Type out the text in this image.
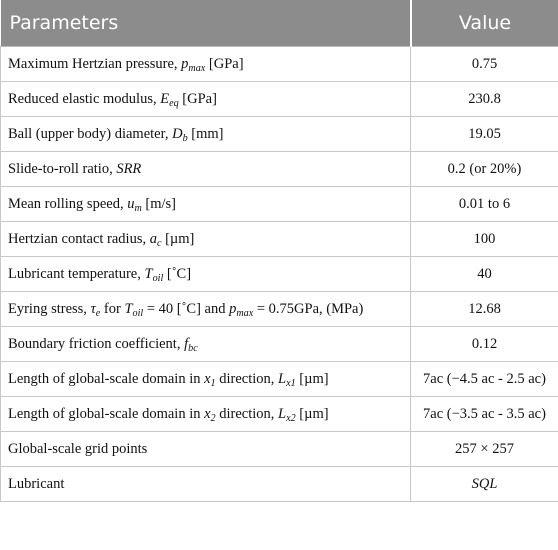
Parameters	Value
Maximum Hertzian pressure, $p_{max}$ [GPa]	0.75
Reduced elastic modulus, $E_{eq}$ [GPa]	230.8
Ball (upper body) diameter, $D_b$ [mm]	19.05
Slide-to-roll ratio, SRR	0.2 (or 20%)
Mean rolling speed, $u_m$ [m/s]	0.01 to 6
Hertzian contact radius, $a_c$ [µm]	100
Lubricant temperature, $T_{oil}$ [˚C]	40
Eyring stress, $\tau_e$ for $T_{oil} = 40$ [˚C] and $p_{max} = 0.75GPa$, (MPa)	12.68
Boundary friction coefficient, $f_{bc}$	0.12
Length of global-scale domain in $x_1$ direction, $L_{x1}$ [µm]	7ac (−4.5 ac - 2.5 ac)
Length of global-scale domain in $x_2$ direction, $L_{x2}$ [µm]	7ac (−3.5 ac - 3.5 ac)
Global-scale grid points	257 × 257
Lubricant	SQL
